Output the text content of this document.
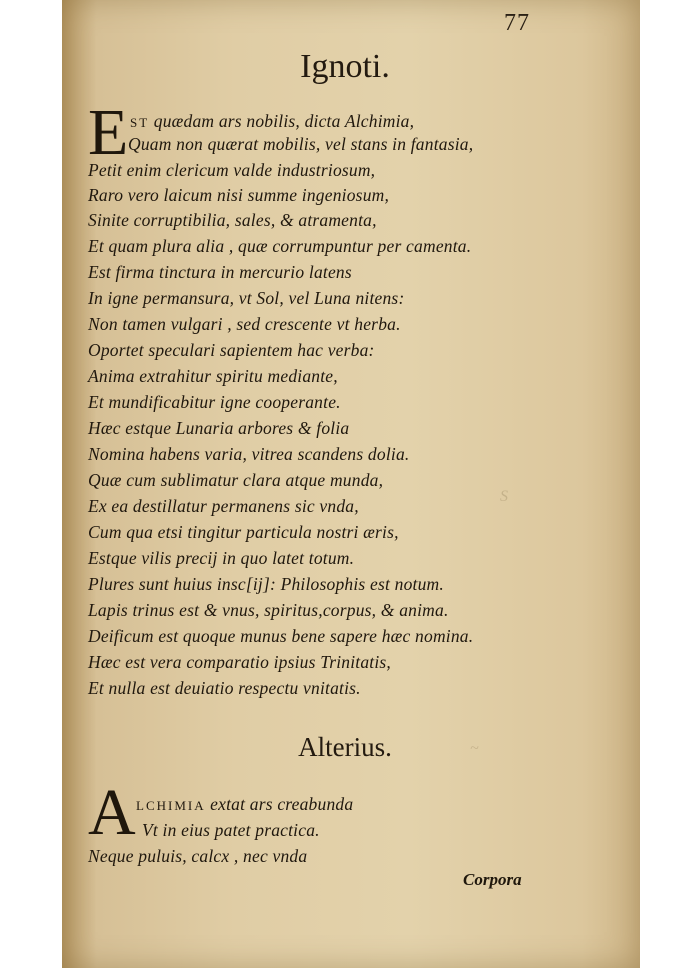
77
Ignoti.
E ST quædam ars nobilis, dicta Alchimia,
Quam non quærat mobilis, vel stans in fantasia,
Petit enim clericum valde industriosum,
Raro vero laicum nisi summe ingeniosum,
Sinite corruptibilia, sales, & atramenta,
Et quam plura alia , quæ corrumpuntur per camenta.
Est firma tinctura in mercurio latens
In igne permansura, vt Sol, vel Luna nitens:
Non tamen vulgari , sed crescente vt herba.
Oportet speculari sapientem hac verba:
Anima extrahitur spiritu mediante,
Et mundificabitur igne cooperante.
Hæc estque Lunaria arbores & folia
Nomina habens varia, vitrea scandens dolia.
Quæ cum sublimatur clara atque munda,
Ex ea destillatur permanens sic vnda,
Cum qua etsi tingitur particula nostri æris,
Estque vilis precij in quo latet totum.
Plures sunt huius insc[ij]: Philosophis est notum.
Lapis trinus est & vnus, spiritus,corpus, & anima.
Deificum est quoque munus bene sapere hæc nomina.
Hæc est vera comparatio ipsius Trinitatis,
Et nulla est deuiatio respectu vnitatis.
S
~
Alterius.
A LCHIMIA extat ars creabunda
Vt in eius patet practica.
Neque puluis, calcx , nec vnda
Corpora
